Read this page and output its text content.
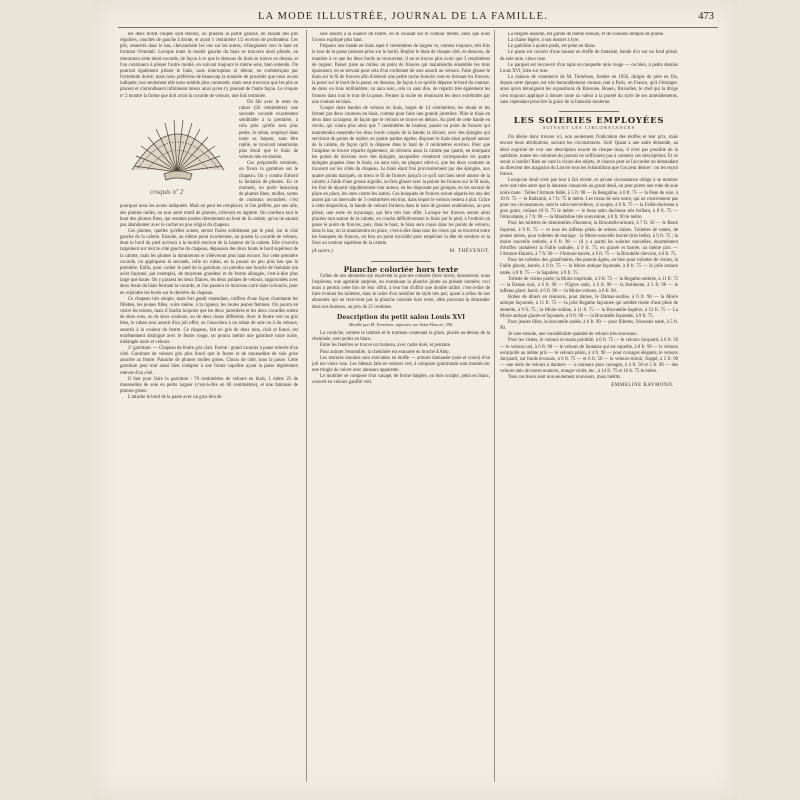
LA MODE ILLUSTRÉE, JOURNAL DE LA FAMILLE.	473

les deux bords coupés sont réunis), on plissera la partie gauche, en faisant des plis réguliers, couchés de gauche à droite, et ayant 1 centimètre 1/2 environ de profondeur. Ces plis, resserrés dans le bas, chevauchent les uns sur les autres, s'élargissent vers le haut en formant l'éventail. Lorsque toute la moitié gauche du biais se trouvera ainsi plissée, en retournera cette demi-cocarde, de façon à ce que le dessous du biais se trouve en dessus, et l'on continuera à plisser l'autre moitié, en suivant toujours le même sens, bien entendu. On pourrait également plisser le biais, sans interruption ni détour, en commençant par l'extrémité droite; mais nous préférons de beaucoup la manière de procéder que nous avons indiquée; nos seulement elle nous semble plus commode, mais nous trouvons que les plis se placent et s'arrondissent infiniment mieux ainsi qu'en s'y prenant de l'autre façon. Le croquis nº 2 montre la forme que doit avoir la cocarde de velours, une fois terminée.

croquis nº 2

On fait avec le reste du ruban (50 centimètres) une seconde cocarde exactement semblable à la première, à cela près qu'elle sera plus petite, le ruban, employé dans toute sa largeur, sans être replié, se trouvant néanmoins plus étroit que le biais de velours mis en double.

Ces préparatifs terminés, on fixera la garniture sur le chapeau. On y coudra d'abord la fantaisie de plumes. En ce moment, on porte beaucoup de plumes fines, molles, sortes de couteaux recourbés; c'est pourquoi nous les avons indiquées. Mais on peut les remplacer, si l'on préfère, par une aile, des plumes raides, ou tout autre motif de plumes, s'élevant en aigrette. On courbera tout le bout des plumes fines, qui seraient posées directement au bout de la calotte, qu'on ne saurait pas abandonner avec le cachet au pou origial du chapeau.

Ces plumes, quelles qu'elles soient, seront fixées solidement par le pied, sur le côté gauche de la calotte. Ensuite, au même point exactement, on posera la cocarde de velours, dont le bord du pied arrivera à la moitié environ de la hauteur de la calotte. Elle s'ouvrira largement sur tout le côté gauche du chapeau, dépassera des deux bouts le bord supérieur de la calotte, mais les plumes la domineront et s'élèveront plus haut encore. Sur cette première cocarde, on appliquera la seconde, celle en ruban, en la posant un peu plus bas que la première. Enfin, pour cacher le pied de la garniture, on prendra une boucle de fantaisie (en acier façonné, par exemple), de moyenne grandeur et de forme allongée, c'est-à-dire plus large que haute. On y passera les deux filaires, les deux pointes de velours, rapprochées avec deux bouts du biais fermant la cocarde, et l'on passera ce morceau carré dans la boucle, pour en rejoindre les bords sur le derrière du chapeau.

Ce chapeau très simple, mais fort gentil cependant, coiffera d'une façon charmante les fillettes, les jeunes filles, voire même, à la rigueur, les toutes jeunes femmes. On pourra en varier les teintes, mais il faudra toujours que les deux jarretières et les deux cocardes soient de deux tons, ou de deux couleurs, ou de deux tissus différents. Avec le feutre vert ou gris bleu, le ruban sera assorti d'un joli effet; on l'associera à un ruban de soie ou à du velours, assortis à la couleur du feutre. Ce chapeau, fait en gris de deux tons, clair et foncé, est extrêmement distingué avec le feutre rouge, on pourra mettre une garniture toute noire, mélangée noire et velours.

2º garniture. — Chapeau de feutre gris clair. Forme : grand canotier à passe relevée d'un côté. Garniture de velours gris plus foncé que le feutre et de mousseline de soie grise assortie au feutre. Panache de plumes molles grises. Choux de côté, sous la passe. Cette garniture peut tout aussi bien s'adapter à une forme capeline ayant la passe légèrement relevée d'un côté.

Il faut pour faire la garniture : 70 centimètres de velours en biais; 1 mètre 25 de mousseline de soie en petits largeur (c'est-à-dire en 60 centimètres), et une fantaisie de plumes grises.

L'attache le bord de la passe avec un gros lien de

soie assorti à la nuance du feutre, en le cousant sur le contour même, ainsi que nous l'avons expliqué plus haut.

Préparer une bande en biais aqué 6 centimètres de largeur et, comme toujours, très fois le tour de la passe (mesure prise sur le bord). Replier le biais de chaque côté, en dessous, de manière à ce que les deux bords se recouvrent, il ne se trouve plus avoir que 3 centimètres de largeur. Passer juste au milieu un point de fronces qui maintiendra ensemble les trois épaisseurs, en se servant pour cela d'un cordonnet de soie assorti au velours. Faire glisser le biais sur le fil de fronces afin d'obtenir une petite ruche froncée; tout en fermant les fronces, la poser sur le bord de la passe, en dessous, de façon à ce qu'elle dépasse le bord du contour, de deux ou trois millimètres; on aura soin, cela va sans dire, de répartir très également les fronces dans tout le tour de la passe. Fermer la ruche en réunissant les deux extrémités par une couture en biais.

Couper deux bandes de velours en biais, larges de 14 centimètres; les réunir et les fermer par deux coutures en biais, comme pour faire une grande jarretière. Plier le biais en deux dans sa largeur, de façon que le velours se trouve en dehors. Au pied de cette bande en cercle, qui n'aura plus alors que 7 centimètres de hauteur, passer un point de fronces qui maintiendra ensemble les deux bords coupés de la bande; la diviser, avec des épingles qui serviront de points de repère, en quatre parties égales; disposer le biais ainsi préparé autour de la calotte, de façon qu'il la dépasse dans le haut de 4 centimètres environ. Pour que l'ampleur se trouve répartie également, on divisera aussi la calotte par quarts, en marquant les points de division avec des épingles, auxquelles viendront correspondre les quatre épingles piquées dans le biais; on aura soin, en plaçant celui-ci, que les deux coutures se trouvent sur les côtés du chapeau. Le biais étant fixé provisoirement par des épingles, aux quatre points marqués, on tirera le fil de fronces jusqu'à ce qu'il soit bien serré autour de la calotte; à l'aide d'une grosse aiguille, on fera glisser avec la pointe les fronces sur le fil mais, les fixé de répartir régulièrement tout autour, en les disposant par groupes, en les serrant de place en place, les unes contre les autres. Ces bouquets de fronces seront séparés les uns des autres par un intervalle de 3 centimètres environ, dans lequel le velours restera à plat. Grâce à cette disposition, la bande de velours formera dans le haut de grosses ondulations, un peu plissé, une sorte de tuyautage, qui fera très bon effet. Lorsque les fronces seront ainsi placées tout autour de la calotte, on coudra définitivement le biais par le pied, à l'endroit où passe le point de fronces, puis, dans le haut, le biais sera cousu dans les points de velours, dans le bas, on la maintiendra en place, c'est-à-dire dans tous les creux qui se trouvent entre les bouquets de fronces, en fera un point invisible pour empêcher la tête de rembrer et la fixer au contour supérieur de la calotte.

(A suivre.)	M. THÉVENOT.
Planche coloriée hors texte

Celles de nos abonnées qui reçoivent la gravure coloriée (hors texte), épouseront, nous l'espérons, une agréable surprise, en examinant la planche jointe au présent numéro; ceci nous a permis cette fois de leur offrir, à leur but d'offrir une double utilité, c'est-à-dire de faire évoluer les toilettes, dans le cadre d'un mobilier de style très pur; quant à celles de nos abonnées qui ne recevront pas la planche coloriée hors texte, elles pourront la demander dans nos bureaux, au prix de 25 centimes.

Description du petit salon Louis XVI
Meublé par M. Tornéisen, tapissier, rue Saint-Honoré, 396.

La corniche, comme le lambris et le trumeau contenant la glace, placée au-dessus de la cheminée, sont peints en blanc.

Entre les fenêtres se trouve un trumeau, avec cadre doré, et peinture.

Pour animer l'ensemble, la cheminée est entourée en broché d'Alep.

Les tentures murales sont exécutées en étoffe — armure damassée (soie et coton) d'un joli ton vieux rose. Les rideaux faits en velours vert, à comparer gourmands sont montés sur une tringle de cuivre avec anneaux apparents.

Le mobilier se compose d'un canapé, de ferme balgère, ou bois sculpté, peint en blanc, couvert en velours gauffré vert.

La bergère assortie, est garnie de même velours, et de coussins remplis de plume.

La chaise légère, à son dossier à lyre.

Le guéridon à quatre pieds, est peint en blanc.

Le piano est couvert d'une housse en étoffe de fantaisie, bande d'or sur un fond plissé, de soie unie, vieux rose.

Le parquet est recouvert d'un tapis en moquette unie rouge — ou bien, à petits dessins Louis XVI, bleu sur rose.

La maison de commerce de M. Tornéisen, fondée en 1850, dirigée de père en fils, depuis cette époque, est très honorablement connue, tant à Paris, en France, qu'à l'étranger, ainsi qu'en témoignent les expositions de Bavenne, Rouen, Bruxelles; le chef qui la dirige s'est toujours appliqué à donner toute sa valeur à la pureté du style de ses ameublements, sans cependant proscrire la grâce de la fantaisie moderne.

LES SOIERIES EMPLOYÉES
SUIVANT LES CIRCONSTANCES

On désire donc trouver ici, non seulement l'indication des étoffes et leur prix, mais encore leurs attributions, suivant les circonstances. Soit! Quant à une autre demande, au désir exprimé de voir une description exacte de chaque tissu, il n'est pas possible de la satisfaire, toutes les colonnes du journal ne suffiraient pas à contenir ces descriptions. Et ce serait si inutile! Rien ne vaut la vision des objets, et chacun peut se l'accorder en demandant au directeur des magasins du Louvre tous les échantillons que l'on peut désirer : on les reçoit franco.

Lorsqu'un deuil n'est pas tout à fait récent, et qu'une circonstance oblige à se montrer avec une robe autre que la laineuse consacrée au grand deuil, on peut porter une robe de soie noire mate : Telles l'Armure fublé, à 5 fr. 90 — la Bengaline, à 6 fr. 75 — la Peau de soie, à 10 fr. 75 — le Radzimir, à 7 fr. 75 le mètre. Les tissus de soie noire, qui ne conviennent pas pour ces circonstances, sont le satin merveilleux, si souple, à 6 fr. 75 — la Faille-duchesse à gros grain, coûtant 10 fr. 75 le mètre — le beau satin duchesse très brillant, à 8 fr. 75 — l'étincelante, à 7 fr. 90 — la Mandoline très souveraine, à 8 fr. 90 le mètre.

Pour les toilettes de demoiselles d'honneur, la Brocatelle-armure, à 7 fr. 50 — le Barré façonné, à 9 fr. 75 — et tous les taffetas pékin de teintes claires. Toilettes de tantes, de jeunes mères, pour toilettes de mariage : la Moire-nouvelle barrée (très belle), à 9 fr. 75 ; la moire nouvelle ombrée, à 6 fr. 90 — (il y a parmi les soieries nouvelles, énormément d'étoffes ondulées) la Faille ondulée, à 9 fr. 75, en glacée et barrée, au même prix — l'Armure-Damier, à 7 fr. 90 — l'Armure barrée, à 6 fr. 75 — la Broutelle-chevron, à 6 fr. 75.

Pour les toilettes des grand'mères, des parents âgées, en bien pour toilettes de visites, la Faille glacée, barrée, à 9 fr. 75 — la Moire antique façonnée, à 8 fr. 75 — la jolie armure natée, à 8 fr. 75 — la Sapolère, à 9 fr. 75.

Toilette de visites parée; la Moire impériale, à 9 fr. 75 — la Regathe-ombrée, à 11 fr. 75 — la Damas noir, à 6 fr. 90 — l'Ogive satin, à 6 fr. 90 — la Hollienne, à 5 fr. 90 — le taffetas glacé, barré, à 6 fr. 90 — la Moire-velours, à 8 fr. 90.

Robes de dîners en réunions, pour dames, le Damas-ondine, à 6 fr. 90 — la Moire antique façonnée, à 11 fr. 75 — la jolie Regathe façonnée qui semble tissée d'une pluie de dentelle, à 9 fr. 75 ; la Moire ondine, à 11 fr. 75 — la Brocatelle-Saphire, à 12 fr. 75 — La Moire antique glacée et façonnée, à 8 fr. 90 — la Brocatelle façonnée, à 9 fr. 75.

Pour jeunes filles, la brocatelle ondée, à 6 fr. 90 — pour fillettes, l'écossais natté, à 5 fr. 90.

Je note ensuite, une considérable quantité de velours très nouveaux.

Pour les visites, le velours écossais pointillé, à 6 fr. 75 — le velours Jacquard, à 6 fr. 50 — le velours uni, à 6 fr. 90 — le velours de fantaisie qui est superbe, à 8 fr. 90 — le velours escarpolle au même prix — le velours pékin, à 4 fr. 90 — pour corsages élégants, le velours Jacquard, sur fonds écossais, à 6 fr. 75 — et 6 fr. 50 — le velours-miroir, frappé, à 5 fr. 90 — une série de velours à damiers — à carreaux pour corsages, à 4 fr. 50 et 5 fr. 90 — des velours unis de toutes nuances, orange-violet, etc., à 14 fr. 75 et 16 fr. 75 le mètre.

Tous ces tissus sont non seulement nouveaux, mais inédits.

EMMELINE RAYMOND.
